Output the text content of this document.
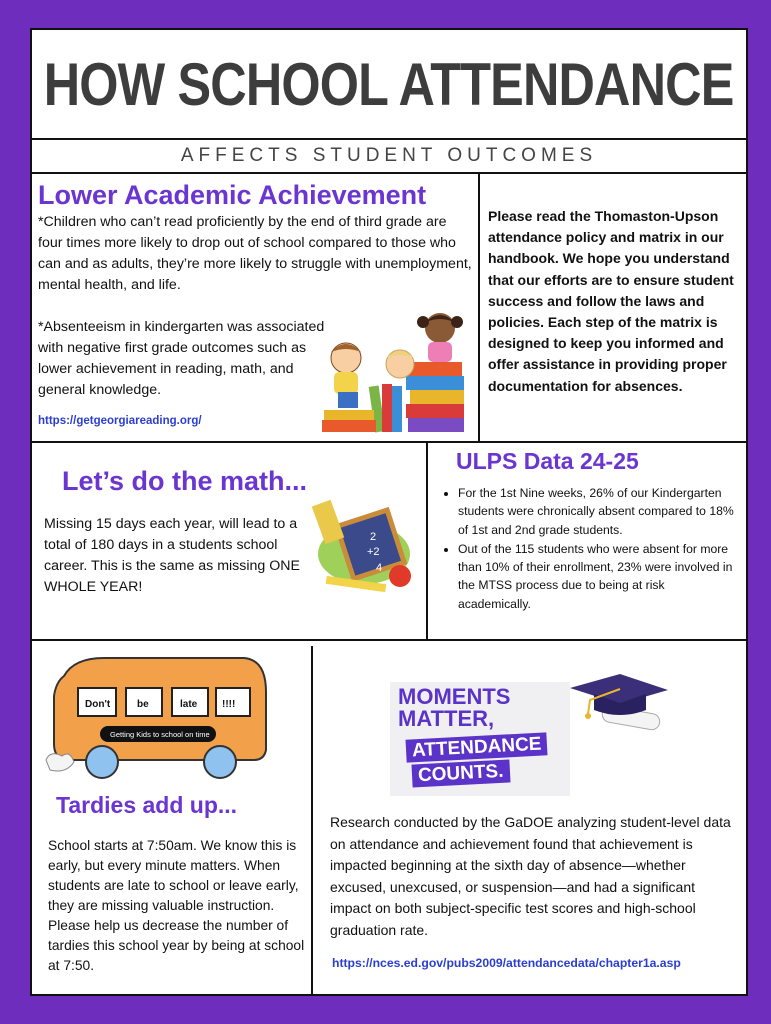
HOW SCHOOL ATTENDANCE
AFFECTS STUDENT OUTCOMES
Lower Academic Achievement

*Children who can’t read proficiently by the end of third grade are four times more likely to drop out of school compared to those who can and as adults, they’re more likely to struggle with unemployment, mental health, and life.

*Absenteeism in kindergarten was associated with negative first grade outcomes such as lower achievement in reading, math, and general knowledge.

https://getgeorgiareading.org/
Please read the Thomaston-Upson attendance policy and matrix in our handbook. We hope you understand that our efforts are to ensure student success and follow the laws and policies. Each step of the matrix is designed to keep you informed and offer assistance in providing proper documentation for absences.
Let’s do the math...
Missing 15 days each year, will lead to a total of 180 days in a students school career. This is the same as missing ONE WHOLE YEAR!
2
+2
4
ULPS Data 24-25
• For the 1st Nine weeks, 26% of our Kindergarten students were chronically absent compared to 18% of 1st and 2nd grade students.
• Out of the 115 students who were absent for more than 10% of their enrollment, 23% were involved in the MTSS process due to being at risk academically.
Don't	be	late !!!!
Getting Kids to school on time
Tardies add up...
School starts at 7:50am. We know this is early, but every minute matters. When students are late to school or leave early, they are missing valuable instruction. Please help us decrease the number of tardies this school year by being at school at 7:50.
MOMENTS
MATTER,
ATTENDANCE
COUNTS.
Research conducted by the GaDOE analyzing student-level data on attendance and achievement found that achievement is impacted beginning at the sixth day of absence—whether excused, unexcused, or suspension—and had a significant impact on both subject-specific test scores and high-school graduation rate.
https://nces.ed.gov/pubs2009/attendancedata/chapter1a.asp
